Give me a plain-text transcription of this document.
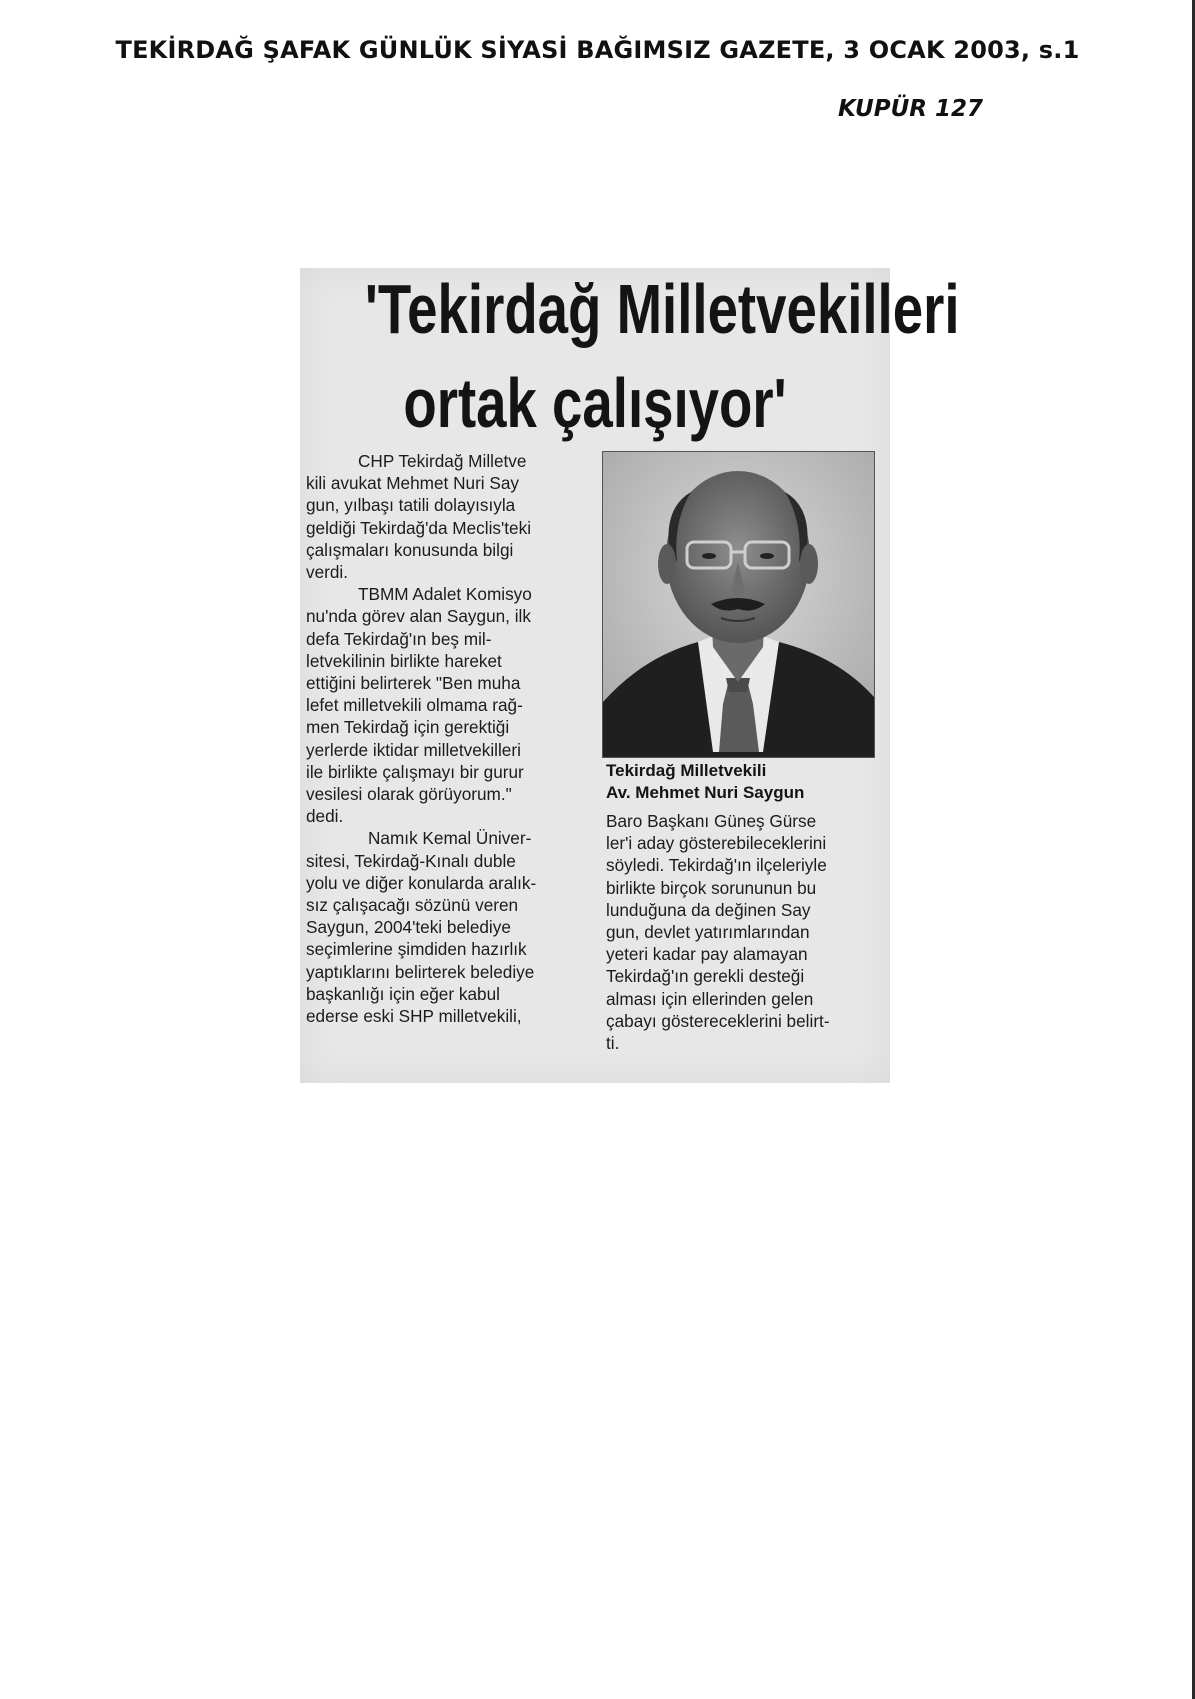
TEKİRDAĞ ŞAFAK GÜNLÜK SİYASİ BAĞIMSIZ GAZETE, 3 OCAK 2003, s.1
KUPÜR 127
'Tekirdağ Milletvekilleri
ortak çalışıyor'
CHP Tekirdağ Milletve
kili avukat Mehmet Nuri Say
gun, yılbaşı tatili dolayısıyla
geldiği Tekirdağ'da Meclis'teki
çalışmaları konusunda bilgi
verdi.
TBMM Adalet Komisyo
nu'nda görev alan Saygun, ilk
defa Tekirdağ'ın beş mil-
letvekilinin birlikte hareket
ettiğini belirterek "Ben muha
lefet milletvekili olmama rağ-
men Tekirdağ için gerektiği
yerlerde iktidar milletvekilleri
ile birlikte çalışmayı bir gurur
vesilesi olarak görüyorum."
dedi.
Namık Kemal Üniver-
sitesi, Tekirdağ-Kınalı duble
yolu ve diğer konularda aralık-
sız çalışacağı sözünü veren
Saygun, 2004'teki belediye
seçimlerine şimdiden hazırlık
yaptıklarını belirterek belediye
başkanlığı için eğer kabul
ederse eski SHP milletvekili,
Tekirdağ Milletvekili
Av. Mehmet Nuri Saygun
Baro Başkanı Güneş Gürse
ler'i aday gösterebileceklerini
söyledi. Tekirdağ'ın ilçeleriyle
birlikte birçok sorununun bu
lunduğuna da değinen Say
gun, devlet yatırımlarından
yeteri kadar pay alamayan
Tekirdağ'ın gerekli desteği
alması için ellerinden gelen
çabayı göstereceklerini belirt-
ti.
